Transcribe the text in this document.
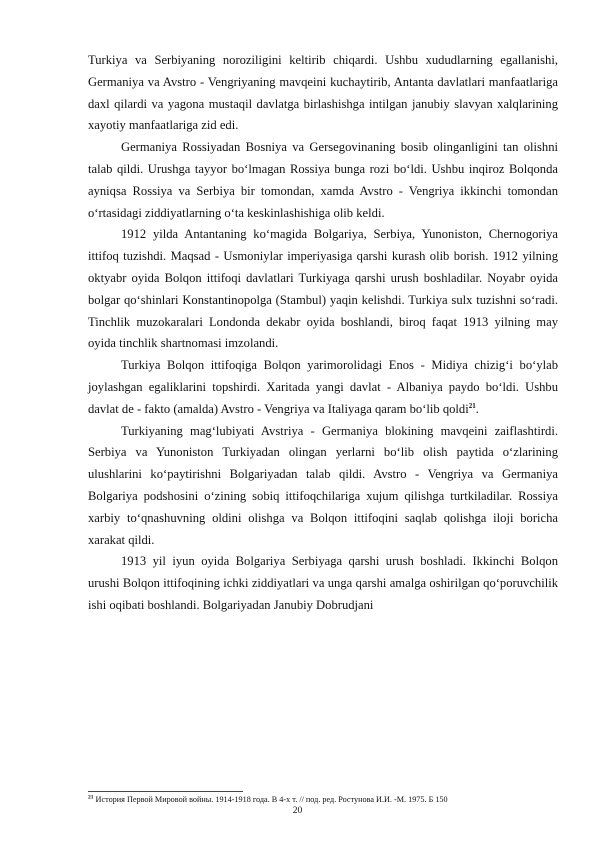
Turkiya va Serbiyaning noroziligini keltirib chiqardi. Ushbu xududlarning egallanishi, Germaniya va Avstro - Vengriyaning mavqeini kuchaytirib, Antanta davlatlari manfaatlariga daxl qilardi va yagona mustaqil davlatga birlashishga intilgan janubiy slavyan xalqlarining xayotiy manfaatlariga zid edi.

Germaniya Rossiyadan Bosniya va Gersegovinaning bosib olinganligini tan olishni talab qildi. Urushga tayyor bo‘lmagan Rossiya bunga rozi bo‘ldi. Ushbu inqiroz Bolqonda ayniqsa Rossiya va Serbiya bir tomondan, xamda Avstro - Vengriya ikkinchi tomondan o‘rtasidagi ziddiyatlarning o‘ta keskinlashishiga olib keldi.

1912 yilda Antantaning ko‘magida Bolgariya, Serbiya, Yunoniston, Chernogoriya ittifoq tuzishdi. Maqsad - Usmoniylar imperiyasiga qarshi kurash olib borish. 1912 yilning oktyabr oyida Bolqon ittifoqi davlatlari Turkiyaga qarshi urush boshladilar. Noyabr oyida bolgar qo‘shinlari Konstantinopolga (Stambul) yaqin kelishdi. Turkiya sulx tuzishni so‘radi. Tinchlik muzokaralari Londonda dekabr oyida boshlandi, biroq faqat 1913 yilning may oyida tinchlik shartnomasi imzolandi.

Turkiya Bolqon ittifoqiga Bolqon yarimorolidagi Enos - Midiya chizig‘i bo‘ylab joylashgan egaliklarini topshirdi. Xaritada yangi davlat - Albaniya paydo bo‘ldi. Ushbu davlat de - fakto (amalda) Avstro - Vengriya va Italiyaga qaram bo‘lib qoldi$^{21}$.

Turkiyaning mag‘lubiyati Avstriya - Germaniya blokining mavqeini zaiflashtirdi. Serbiya va Yunoniston Turkiyadan olingan yerlarni bo‘lib olish paytida o‘zlarining ulushlarini ko‘paytirishni Bolgariyadan talab qildi. Avstro - Vengriya va Germaniya Bolgariya podshosini o‘zining sobiq ittifoqchilariga xujum qilishga turtkiladilar. Rossiya xarbiy to‘qnashuvning oldini olishga va Bolqon ittifoqini saqlab qolishga iloji boricha xarakat qildi.

1913 yil iyun oyida Bolgariya Serbiyaga qarshi urush boshladi. Ikkinchi Bolqon urushi Bolqon ittifoqining ichki ziddiyatlari va unga qarshi amalga oshirilgan qo‘poruvchilik ishi oqibati boshlandi. Bolgariyadan Janubiy Dobrudjani

$^{21}$ История Первой Мировой войны. 1914-1918 года. В 4-х т. // под. ред. Ростунова И.И. -М. 1975. Б 150
20
